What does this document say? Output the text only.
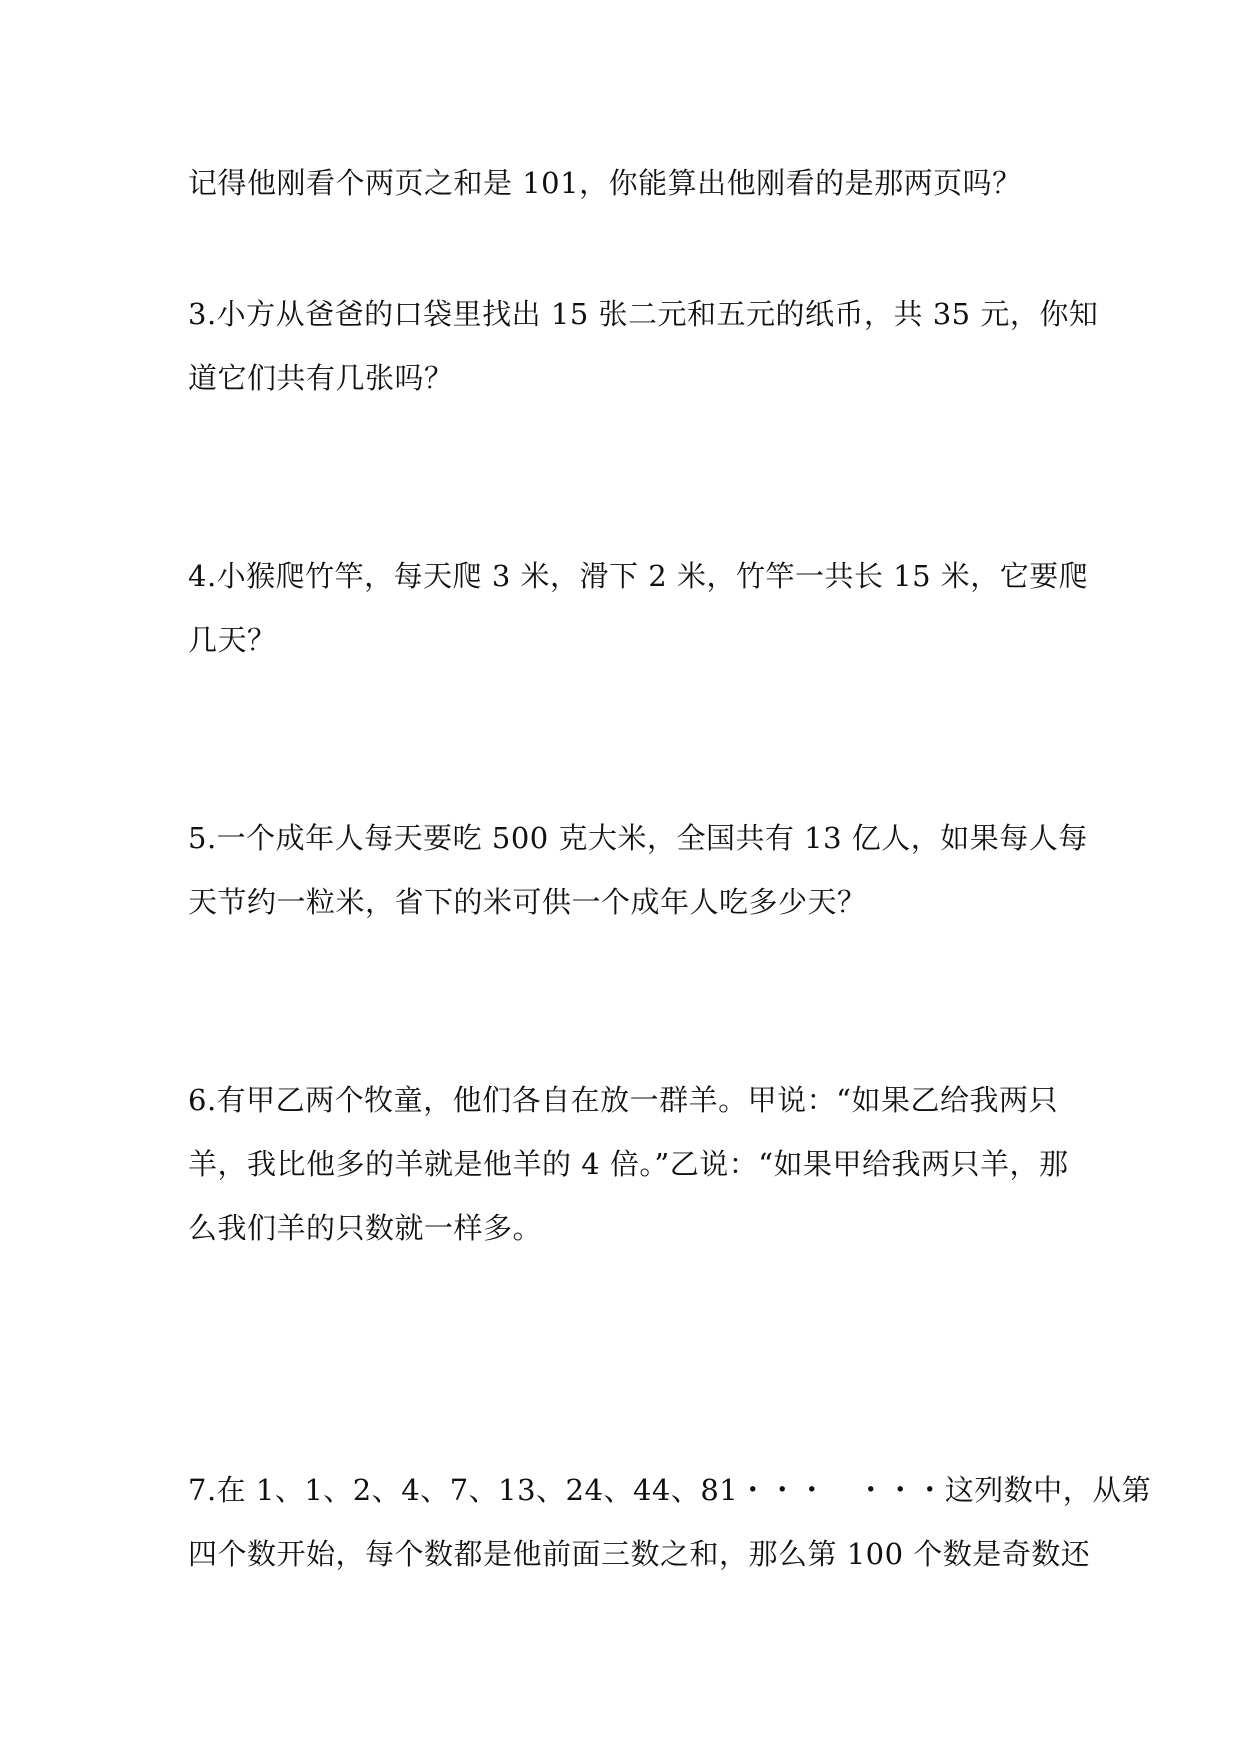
记得他刚看个两页之和是 101，你能算出他刚看的是那两页吗？
3.小方从爸爸的口袋里找出 15 张二元和五元的纸币，共 35 元，你知
道它们共有几张吗？
4.小猴爬竹竿，每天爬 3 米，滑下 2 米，竹竿一共长 15 米，它要爬
几天？
5.一个成年人每天要吃 500 克大米，全国共有 13 亿人，如果每人每
天节约一粒米，省下的米可供一个成年人吃多少天？
6.有甲乙两个牧童，他们各自在放一群羊。甲说：“如果乙给我两只
羊，我比他多的羊就是他羊的 4 倍。”乙说：“如果甲给我两只羊，那
么我们羊的只数就一样多。
7.在 1、1、2、4、7、13、24、44、81・・・　・・・这列数中，从第
四个数开始，每个数都是他前面三数之和，那么第 100 个数是奇数还
